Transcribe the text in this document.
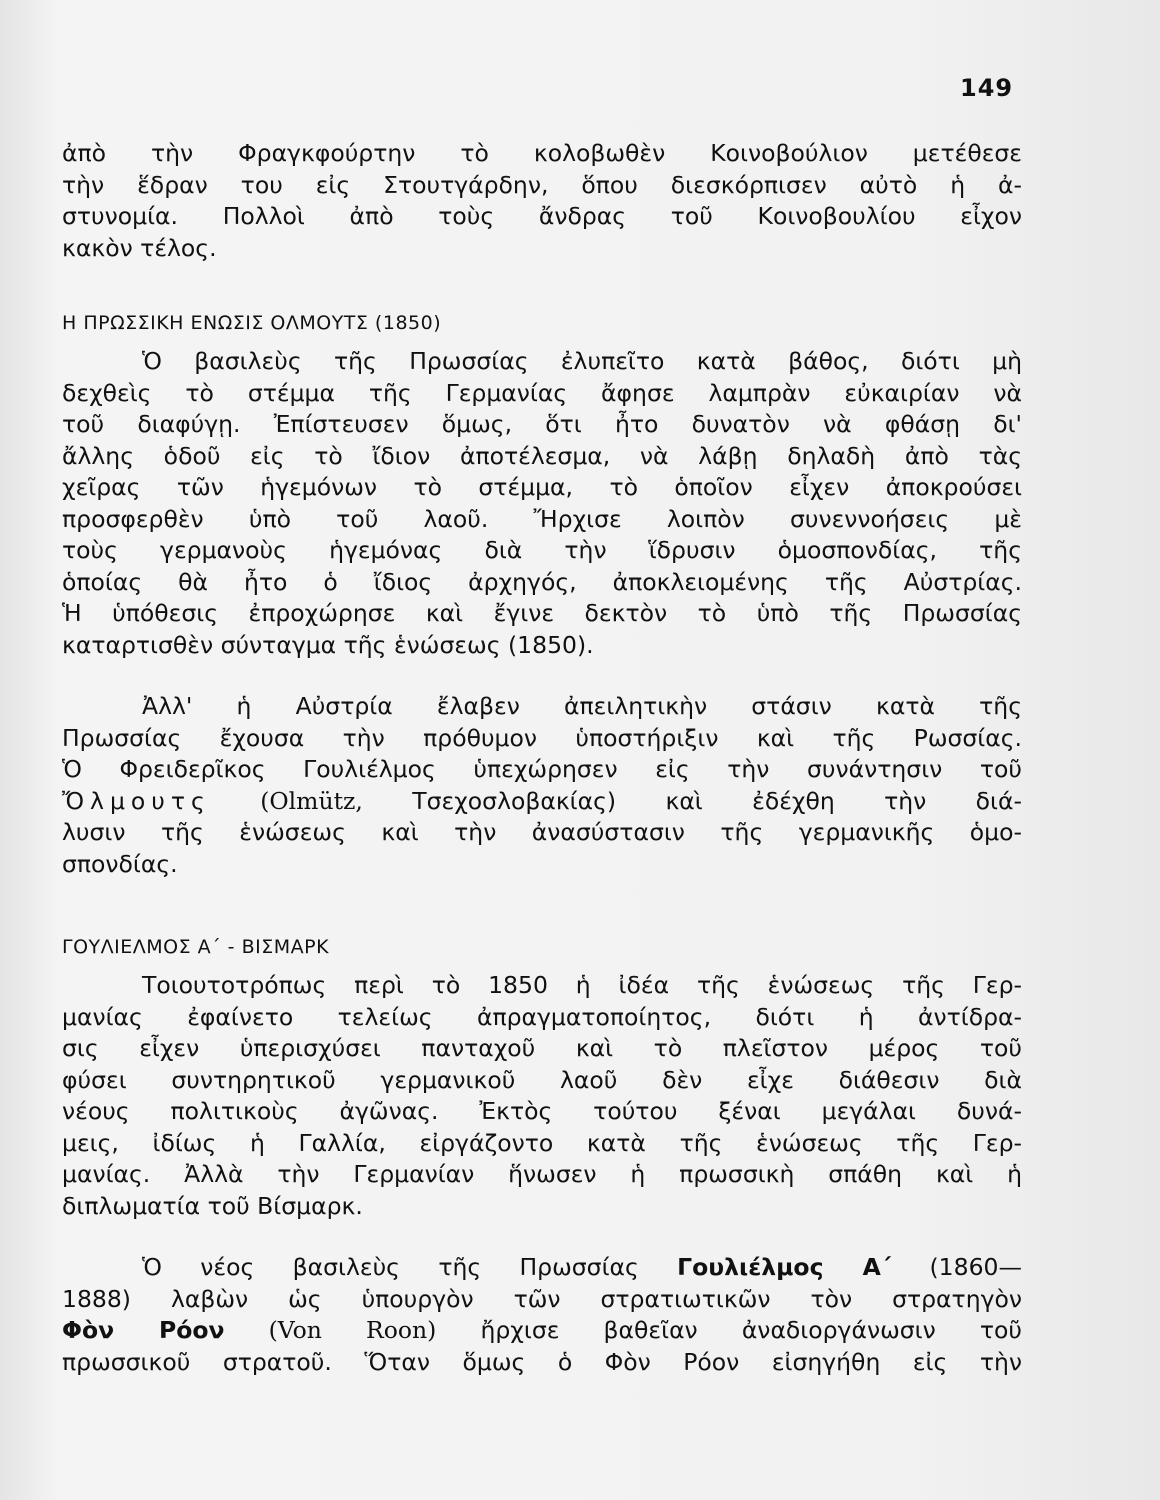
149
ἀπὸ τὴν Φραγκφούρτην τὸ κολοβωθὲν Κοινοβούλιον μετέθεσε
τὴν ἕδραν του εἰς Στουτγάρδην, ὅπου διεσκόρπισεν αὐτὸ ἡ ἀ-
στυνομία. Πολλοὶ ἀπὸ τοὺς ἄνδρας τοῦ Κοινοβουλίου εἶχον
κακὸν τέλος.
Η ΠΡΩΣΣΙΚΗ ΕΝΩΣΙΣ ΟΛΜΟΥΤΣ (1850)
Ὁ βασιλεὺς τῆς Πρωσσίας ἐλυπεῖτο κατὰ βάθος, διότι μὴ
δεχθεὶς τὸ στέμμα τῆς Γερμανίας ἄφησε λαμπρὰν εὐκαιρίαν νὰ
τοῦ διαφύγῃ. Ἐπίστευσεν ὅμως, ὅτι ἦτο δυνατὸν νὰ φθάσῃ δι'
ἄλλης ὁδοῦ εἰς τὸ ἴδιον ἀποτέλεσμα, νὰ λάβῃ δηλαδὴ ἀπὸ τὰς
χεῖρας τῶν ἡγεμόνων τὸ στέμμα, τὸ ὁποῖον εἶχεν ἀποκρούσει
προσφερθὲν ὑπὸ τοῦ λαοῦ. Ἤρχισε λοιπὸν συνεννοήσεις μὲ
τοὺς γερμανοὺς ἡγεμόνας διὰ τὴν ἵδρυσιν ὁμοσπονδίας, τῆς
ὁποίας θὰ ἦτο ὁ ἴδιος ἀρχηγός, ἀποκλειομένης τῆς Αὐστρίας.
Ἡ ὑπόθεσις ἐπροχώρησε καὶ ἔγινε δεκτὸν τὸ ὑπὸ τῆς Πρωσσίας
καταρτισθὲν σύνταγμα τῆς ἑνώσεως (1850).
Ἀλλ' ἡ Αὐστρία ἔλαβεν ἀπειλητικὴν στάσιν κατὰ τῆς
Πρωσσίας ἔχουσα τὴν πρόθυμον ὑποστήριξιν καὶ τῆς Ρωσσίας.
Ὁ Φρειδερῖκος Γουλιέλμος ὑπεχώρησεν εἰς τὴν συνάντησιν τοῦ
Ὄλμουτς (Olmütz, Τσεχοσλοβακίας) καὶ ἐδέχθη τὴν διά-
λυσιν τῆς ἑνώσεως καὶ τὴν ἀνασύστασιν τῆς γερμανικῆς ὁμο-
σπονδίας.
ΓΟΥΛΙΕΛΜΟΣ Α΄ - ΒΙΣΜΑΡΚ
Τοιουτοτρόπως περὶ τὸ 1850 ἡ ἰδέα τῆς ἑνώσεως τῆς Γερ-
μανίας ἐφαίνετο τελείως ἀπραγματοποίητος, διότι ἡ ἀντίδρα-
σις εἶχεν ὑπερισχύσει πανταχοῦ καὶ τὸ πλεῖστον μέρος τοῦ
φύσει συντηρητικοῦ γερμανικοῦ λαοῦ δὲν εἶχε διάθεσιν διὰ
νέους πολιτικοὺς ἀγῶνας. Ἐκτὸς τούτου ξέναι μεγάλαι δυνά-
μεις, ἰδίως ἡ Γαλλία, εἰργάζοντο κατὰ τῆς ἑνώσεως τῆς Γερ-
μανίας. Ἀλλὰ τὴν Γερμανίαν ἥνωσεν ἡ πρωσσικὴ σπάθη καὶ ἡ
διπλωματία τοῦ Βίσμαρκ.
Ὁ νέος βασιλεὺς τῆς Πρωσσίας Γουλιέλμος Α΄ (1860—
1888) λαβὼν ὡς ὑπουργὸν τῶν στρατιωτικῶν τὸν στρατηγὸν
Φὸν Ρόον (Von Roon) ἤρχισε βαθεῖαν ἀναδιοργάνωσιν τοῦ
πρωσσικοῦ στρατοῦ. Ὅταν ὅμως ὁ Φὸν Ρόον εἰσηγήθη εἰς τὴν
